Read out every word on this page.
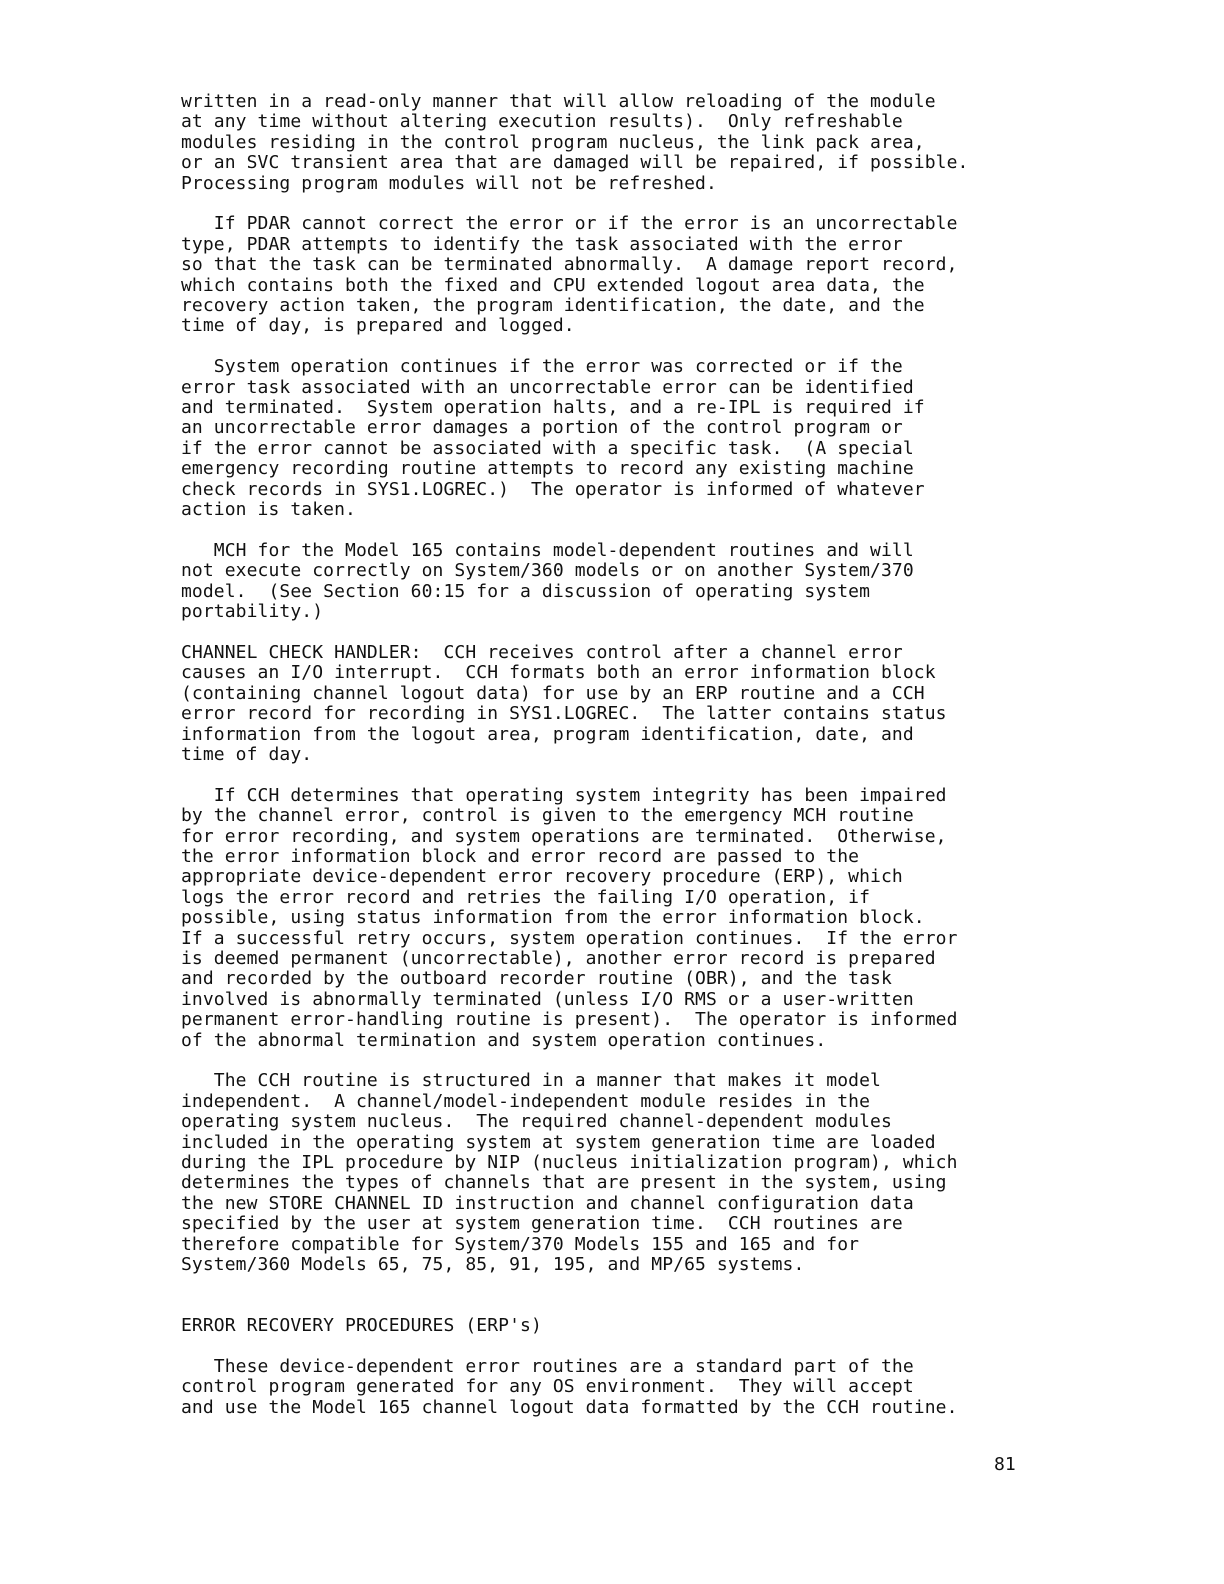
written in a read-only manner that will allow reloading of the module
at any time without altering execution results).  Only refreshable
modules residing in the control program nucleus, the link pack area,
or an SVC transient area that are damaged will be repaired, if possible.
Processing program modules will not be refreshed.

If PDAR cannot correct the error or if the error is an uncorrectable
type, PDAR attempts to identify the task associated with the error
so that the task can be terminated abnormally.  A damage report record,
which contains both the fixed and CPU extended logout area data, the
recovery action taken, the program identification, the date, and the
time of day, is prepared and logged.

System operation continues if the error was corrected or if the
error task associated with an uncorrectable error can be identified
and terminated.  System operation halts, and a re-IPL is required if
an uncorrectable error damages a portion of the control program or
if the error cannot be associated with a specific task.  (A special
emergency recording routine attempts to record any existing machine
check records in SYS1.LOGREC.)  The operator is informed of whatever
action is taken.

MCH for the Model 165 contains model-dependent routines and will
not execute correctly on System/360 models or on another System/370
model.  (See Section 60:15 for a discussion of operating system
portability.)

CHANNEL CHECK HANDLER:  CCH receives control after a channel error
causes an I/O interrupt.  CCH formats both an error information block
(containing channel logout data) for use by an ERP routine and a CCH
error record for recording in SYS1.LOGREC.  The latter contains status
information from the logout area, program identification, date, and
time of day.

If CCH determines that operating system integrity has been impaired
by the channel error, control is given to the emergency MCH routine
for error recording, and system operations are terminated.  Otherwise,
the error information block and error record are passed to the
appropriate device-dependent error recovery procedure (ERP), which
logs the error record and retries the failing I/O operation, if
possible, using status information from the error information block.
If a successful retry occurs, system operation continues.  If the error
is deemed permanent (uncorrectable), another error record is prepared
and recorded by the outboard recorder routine (OBR), and the task
involved is abnormally terminated (unless I/O RMS or a user-written
permanent error-handling routine is present).  The operator is informed
of the abnormal termination and system operation continues.

The CCH routine is structured in a manner that makes it model
independent.  A channel/model-independent module resides in the
operating system nucleus.  The required channel-dependent modules
included in the operating system at system generation time are loaded
during the IPL procedure by NIP (nucleus initialization program), which
determines the types of channels that are present in the system, using
the new STORE CHANNEL ID instruction and channel configuration data
specified by the user at system generation time.  CCH routines are
therefore compatible for System/370 Models 155 and 165 and for
System/360 Models 65, 75, 85, 91, 195, and MP/65 systems.

ERROR RECOVERY PROCEDURES (ERP's)

These device-dependent error routines are a standard part of the
control program generated for any OS environment.  They will accept
and use the Model 165 channel logout data formatted by the CCH routine.

81
